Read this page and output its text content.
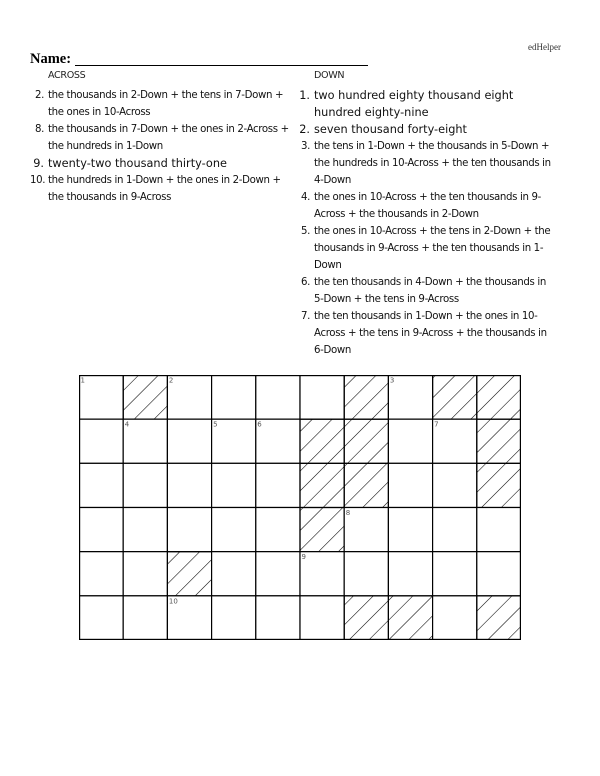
edHelper
Name:
ACROSS
2. the thousands in 2-Down + the tens in 7-Down + the ones in 10-Across
8. the thousands in 7-Down + the ones in 2-Across + the hundreds in 1-Down
9. twenty-two thousand thirty-one
10. the hundreds in 1-Down + the ones in 2-Down + the thousands in 9-Across
DOWN
1. two hundred eighty thousand eight hundred eighty-nine
2. seven thousand forty-eight
3. the tens in 1-Down + the thousands in 5-Down + the hundreds in 10-Across + the ten thousands in 4-Down
4. the ones in 10-Across + the ten thousands in 9-Across + the thousands in 2-Down
5. the ones in 10-Across + the tens in 2-Down + the thousands in 9-Across + the ten thousands in 1-Down
6. the ten thousands in 4-Down + the thousands in 5-Down + the tens in 9-Across
7. the ten thousands in 1-Down + the ones in 10-Across + the tens in 9-Across + the thousands in 6-Down
1	2	3
4	5	6	7
8
9
10
